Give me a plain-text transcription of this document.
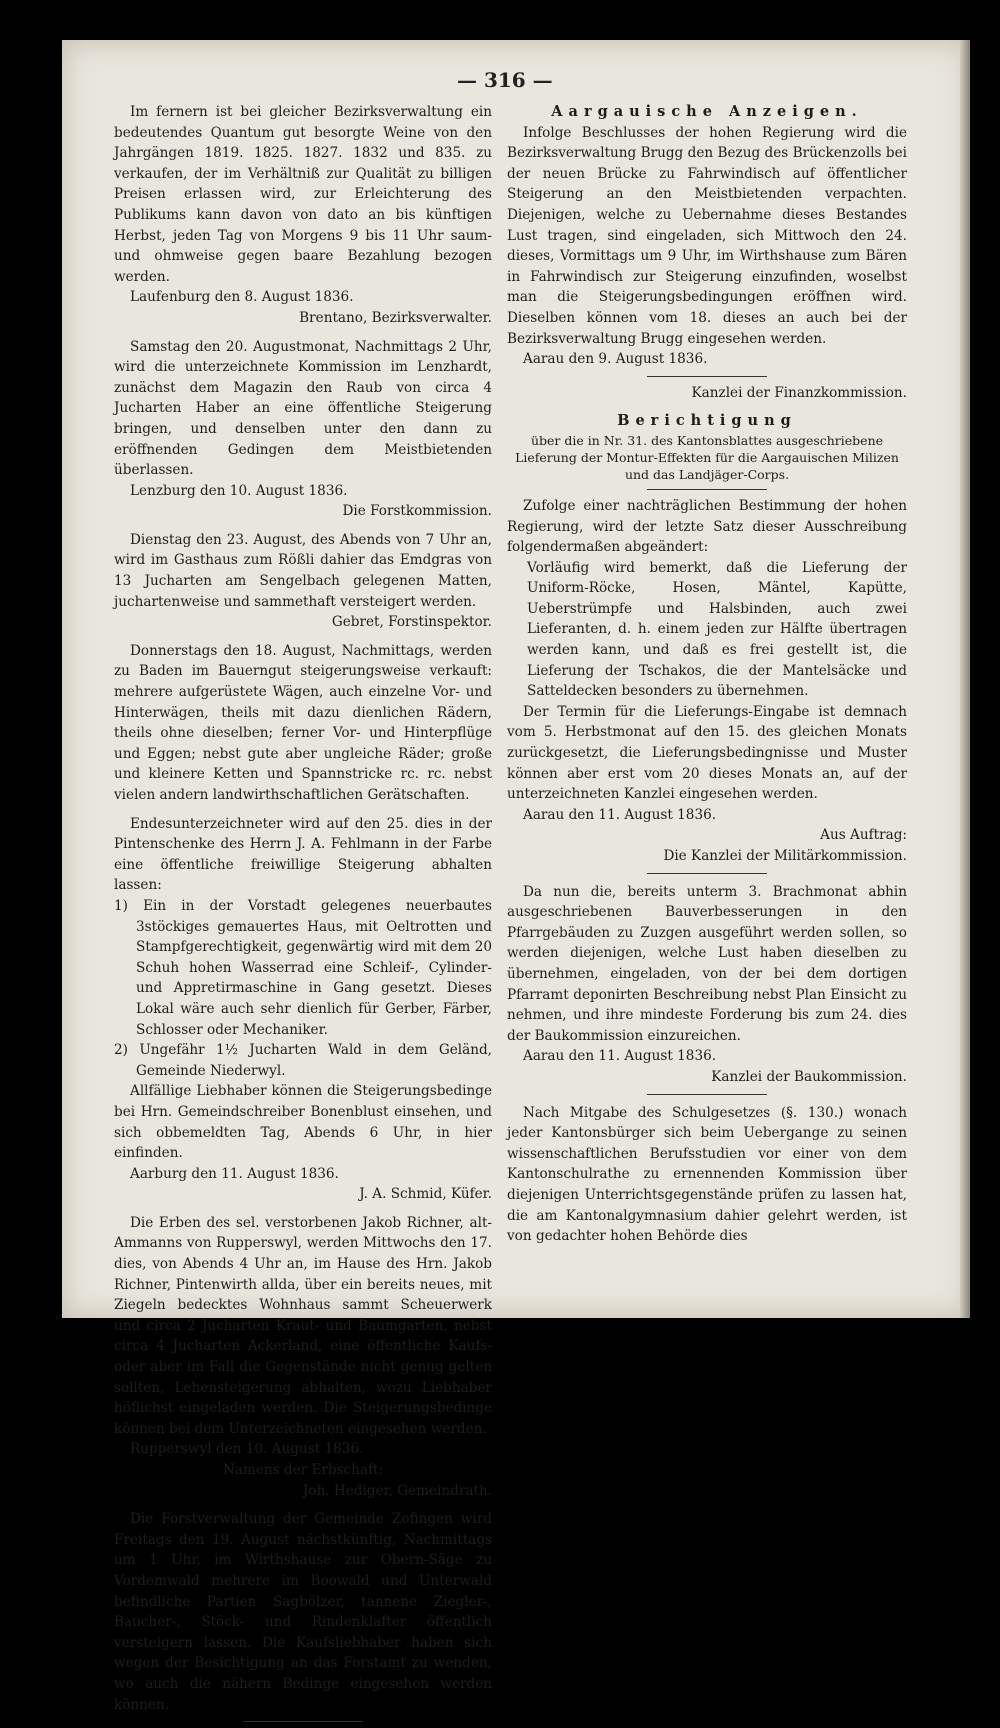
— 316 —

Im fernern ist bei gleicher Bezirksverwaltung ein bedeutendes Quantum gut besorgte Weine von den Jahrgängen 1819. 1825. 1827. 1832 und 835. zu verkaufen, der im Verhältniß zur Qualität zu billigen Preisen erlassen wird, zur Erleichterung des Publikums kann davon von dato an bis künftigen Herbst, jeden Tag von Morgens 9 bis 11 Uhr saum- und ohmweise gegen baare Bezahlung bezogen werden.

Laufenburg den 8. August 1836.

Brentano, Bezirksverwalter.

Samstag den 20. Augustmonat, Nachmittags 2 Uhr, wird die unterzeichnete Kommission im Lenzhardt, zunächst dem Magazin den Raub von circa 4 Jucharten Haber an eine öffentliche Steigerung bringen, und denselben unter den dann zu eröffnenden Gedingen dem Meistbietenden überlassen.

Lenzburg den 10. August 1836.

Die Forstkommission.

Dienstag den 23. August, des Abends von 7 Uhr an, wird im Gasthaus zum Rößli dahier das Emdgras von 13 Jucharten am Sengelbach gelegenen Matten, juchartenweise und sammethaft versteigert werden.

Gebret, Forstinspektor.

Donnerstags den 18. August, Nachmittags, werden zu Baden im Bauerngut steigerungsweise verkauft: mehrere aufgerüstete Wägen, auch einzelne Vor- und Hinterwägen, theils mit dazu dienlichen Rädern, theils ohne dieselben; ferner Vor- und Hinterpflüge und Eggen; nebst gute aber ungleiche Räder; große und kleinere Ketten und Spannstricke rc. rc. nebst vielen andern landwirthschaftlichen Gerätschaften.

Endesunterzeichneter wird auf den 25. dies in der Pintenschenke des Herrn J. A. Fehlmann in der Farbe eine öffentliche freiwillige Steigerung abhalten lassen:

1) Ein in der Vorstadt gelegenes neuerbautes 3stöckiges gemauertes Haus, mit Oeltrotten und Stampfgerechtigkeit, gegenwärtig wird mit dem 20 Schuh hohen Wasserrad eine Schleif-, Cylinder- und Appretirmaschine in Gang gesetzt. Dieses Lokal wäre auch sehr dienlich für Gerber, Färber, Schlosser oder Mechaniker.

2) Ungefähr 1½ Jucharten Wald in dem Geländ, Gemeinde Niederwyl.

Allfällige Liebhaber können die Steigerungsbedinge bei Hrn. Gemeindschreiber Bonenblust einsehen, und sich obbemeldten Tag, Abends 6 Uhr, in hier einfinden.

Aarburg den 11. August 1836.

J. A. Schmid, Küfer.

Die Erben des sel. verstorbenen Jakob Richner, alt-Ammanns von Rupperswyl, werden Mittwochs den 17. dies, von Abends 4 Uhr an, im Hause des Hrn. Jakob Richner, Pintenwirth allda, über ein bereits neues, mit Ziegeln bedecktes Wohnhaus sammt Scheuerwerk und circa 2 Jucharten Kraut- und Baumgarten, nebst circa 4 Jucharten Ackerland, eine öffentliche Kaufs- oder aber im Fall die Gegenstände nicht genug gelten sollten, Lehensteigerung abhalten, wozu Liebhaber höflichst eingeladen werden. Die Steigerungsbedinge können bei dem Unterzeichneten eingesehen werden.

Rupperswyl den 10. August 1836.

Namens der Erbschaft:

Joh. Hediger, Gemeindrath.

Die Forstverwaltung der Gemeinde Zofingen wird Freitags den 19. August nächstkünftig, Nachmittags um 1 Uhr, im Wirthshause zur Obern-Säge zu Vordemwald mehrere im Boowald und Unterwald befindliche Partien Sagbölzer, tannene Ziegler-, Baucher-, Stöck- und Rindenklafter öffentlich versteigern lassen. Die Kaufsliebhaber haben sich wegen der Besichtigung an das Forstamt zu wenden, wo auch die nähern Bedinge eingesehen werden können.

Aargauische Anzeigen.

Infolge Beschlusses der hohen Regierung wird die Bezirksverwaltung Brugg den Bezug des Brückenzolls bei der neuen Brücke zu Fahrwindisch auf öffentlicher Steigerung an den Meistbietenden verpachten. Diejenigen, welche zu Uebernahme dieses Bestandes Lust tragen, sind eingeladen, sich Mittwoch den 24. dieses, Vormittags um 9 Uhr, im Wirthshause zum Bären in Fahrwindisch zur Steigerung einzufinden, woselbst man die Steigerungsbedingungen eröffnen wird. Dieselben können vom 18. dieses an auch bei der Bezirksverwaltung Brugg eingesehen werden.

Aarau den 9. August 1836.

Kanzlei der Finanzkommission.

Berichtigung

über die in Nr. 31. des Kantonsblattes ausgeschriebene Lieferung der Montur-Effekten für die Aargauischen Milizen und das Landjäger-Corps.

Zufolge einer nachträglichen Bestimmung der hohen Regierung, wird der letzte Satz dieser Ausschreibung folgendermaßen abgeändert:

Vorläufig wird bemerkt, daß die Lieferung der Uniform-Röcke, Hosen, Mäntel, Kapütte, Ueberstrümpfe und Halsbinden, auch zwei Lieferanten, d. h. einem jeden zur Hälfte übertragen werden kann, und daß es frei gestellt ist, die Lieferung der Tschakos, die der Mantelsäcke und Satteldecken besonders zu übernehmen.

Der Termin für die Lieferungs-Eingabe ist demnach vom 5. Herbstmonat auf den 15. des gleichen Monats zurückgesetzt, die Lieferungsbedingnisse und Muster können aber erst vom 20 dieses Monats an, auf der unterzeichneten Kanzlei eingesehen werden.

Aarau den 11. August 1836.

Aus Auftrag:

Die Kanzlei der Militärkommission.

Da nun die, bereits unterm 3. Brachmonat abhin ausgeschriebenen Bauverbesserungen in den Pfarrgebäuden zu Zuzgen ausgeführt werden sollen, so werden diejenigen, welche Lust haben dieselben zu übernehmen, eingeladen, von der bei dem dortigen Pfarramt deponirten Beschreibung nebst Plan Einsicht zu nehmen, und ihre mindeste Forderung bis zum 24. dies der Baukommission einzureichen.

Aarau den 11. August 1836.

Kanzlei der Baukommission.

Nach Mitgabe des Schulgesetzes (§. 130.) wonach jeder Kantonsbürger sich beim Uebergange zu seinen wissenschaftlichen Berufsstudien vor einer von dem Kantonschulrathe zu ernennenden Kommission über diejenigen Unterrichtsgegenstände prüfen zu lassen hat, die am Kantonalgymnasium dahier gelehrt werden, ist von gedachter hohen Behörde dies
